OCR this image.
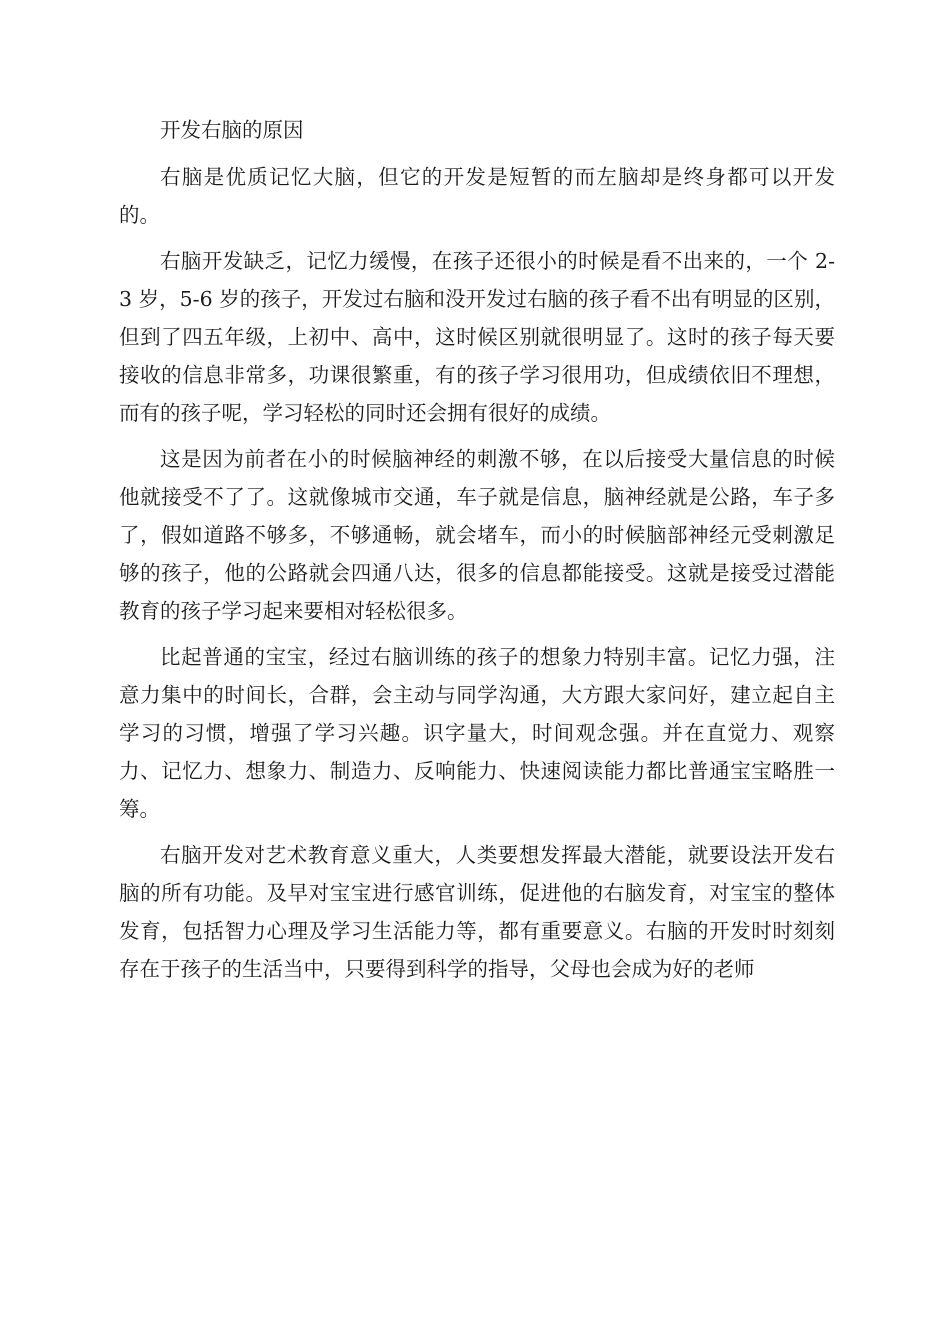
开发右脑的原因

右脑是优质记忆大脑，但它的开发是短暂的而左脑却是终身都可以开发的。

右脑开发缺乏，记忆力缓慢，在孩子还很小的时候是看不出来的，一个 2-3 岁，5-6 岁的孩子，开发过右脑和没开发过右脑的孩子看不出有明显的区别，但到了四五年级，上初中、高中，这时候区别就很明显了。这时的孩子每天要接收的信息非常多，功课很繁重，有的孩子学习很用功，但成绩依旧不理想，而有的孩子呢，学习轻松的同时还会拥有很好的成绩。

这是因为前者在小的时候脑神经的刺激不够，在以后接受大量信息的时候他就接受不了了。这就像城市交通，车子就是信息，脑神经就是公路，车子多了，假如道路不够多，不够通畅，就会堵车，而小的时候脑部神经元受刺激足够的孩子，他的公路就会四通八达，很多的信息都能接受。这就是接受过潜能教育的孩子学习起来要相对轻松很多。

比起普通的宝宝，经过右脑训练的孩子的想象力特别丰富。记忆力强，注意力集中的时间长，合群，会主动与同学沟通，大方跟大家问好，建立起自主学习的习惯，增强了学习兴趣。识字量大，时间观念强。并在直觉力、观察力、记忆力、想象力、制造力、反响能力、快速阅读能力都比普通宝宝略胜一筹。

右脑开发对艺术教育意义重大，人类要想发挥最大潜能，就要设法开发右脑的所有功能。及早对宝宝进行感官训练，促进他的右脑发育，对宝宝的整体发育，包括智力心理及学习生活能力等，都有重要意义。右脑的开发时时刻刻存在于孩子的生活当中，只要得到科学的指导，父母也会成为好的老师
